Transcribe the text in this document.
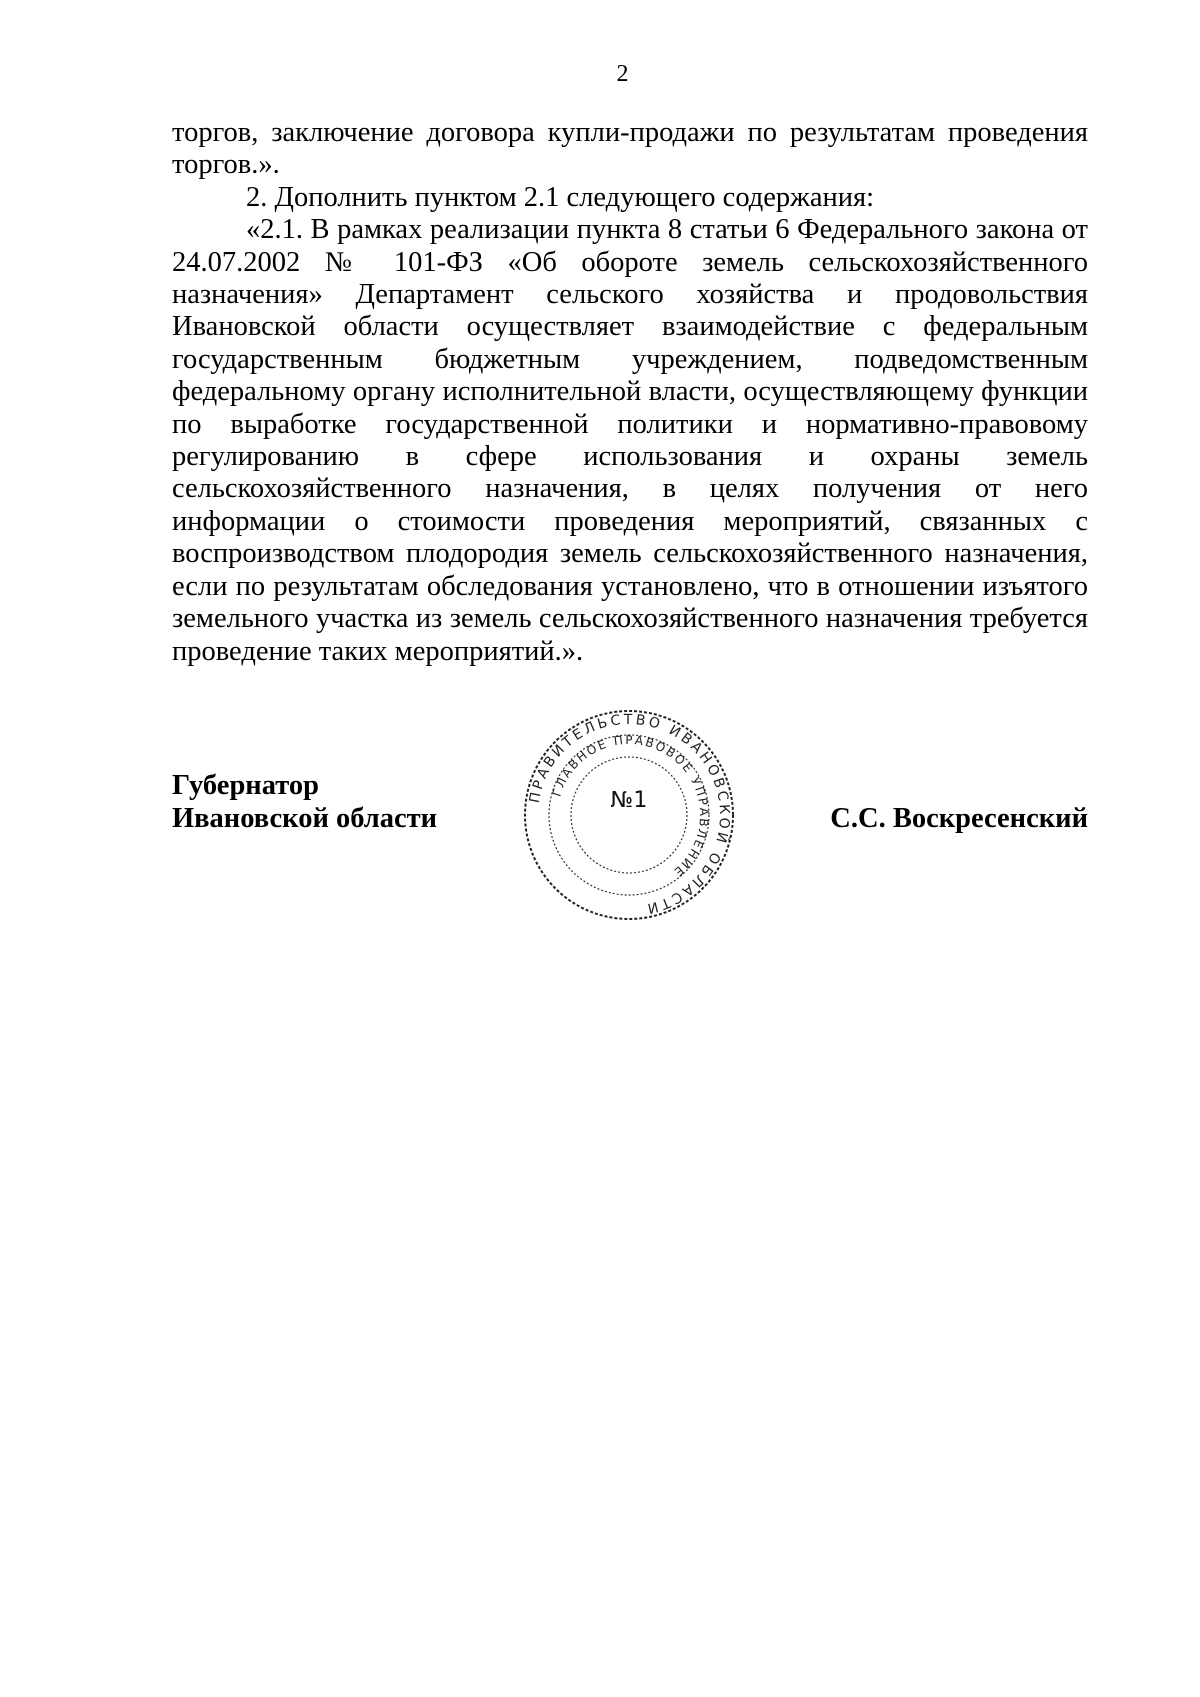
2

торгов, заключение договора купли-продажи по результатам проведения торгов.».

2. Дополнить пунктом 2.1 следующего содержания:

«2.1. В рамках реализации пункта 8 статьи 6 Федерального закона от 24.07.2002 № 101-ФЗ «Об обороте земель сельскохозяйственного назначения» Департамент сельского хозяйства и продовольствия Ивановской области осуществляет взаимодействие с федеральным государственным бюджетным учреждением, подведомственным федеральному органу исполнительной власти, осуществляющему функции по выработке государственной политики и нормативно-правовому регулированию в сфере использования и охраны земель сельскохозяйственного назначения, в целях получения от него информации о стоимости проведения мероприятий, связанных с воспроизводством плодородия земель сельскохозяйственного назначения, если по результатам обследования установлено, что в отношении изъятого земельного участка из земель сельскохозяйственного назначения требуется проведение таких мероприятий.».

Губернатор
Ивановской области
ПРАВИТЕЛЬСТВО ИВАНОВСКОЙ ОБЛАСТИ
ГЛАВНОЕ ПРАВОВОЕ УПРАВЛЕНИЕ
№1
С.С. Воскресенский
